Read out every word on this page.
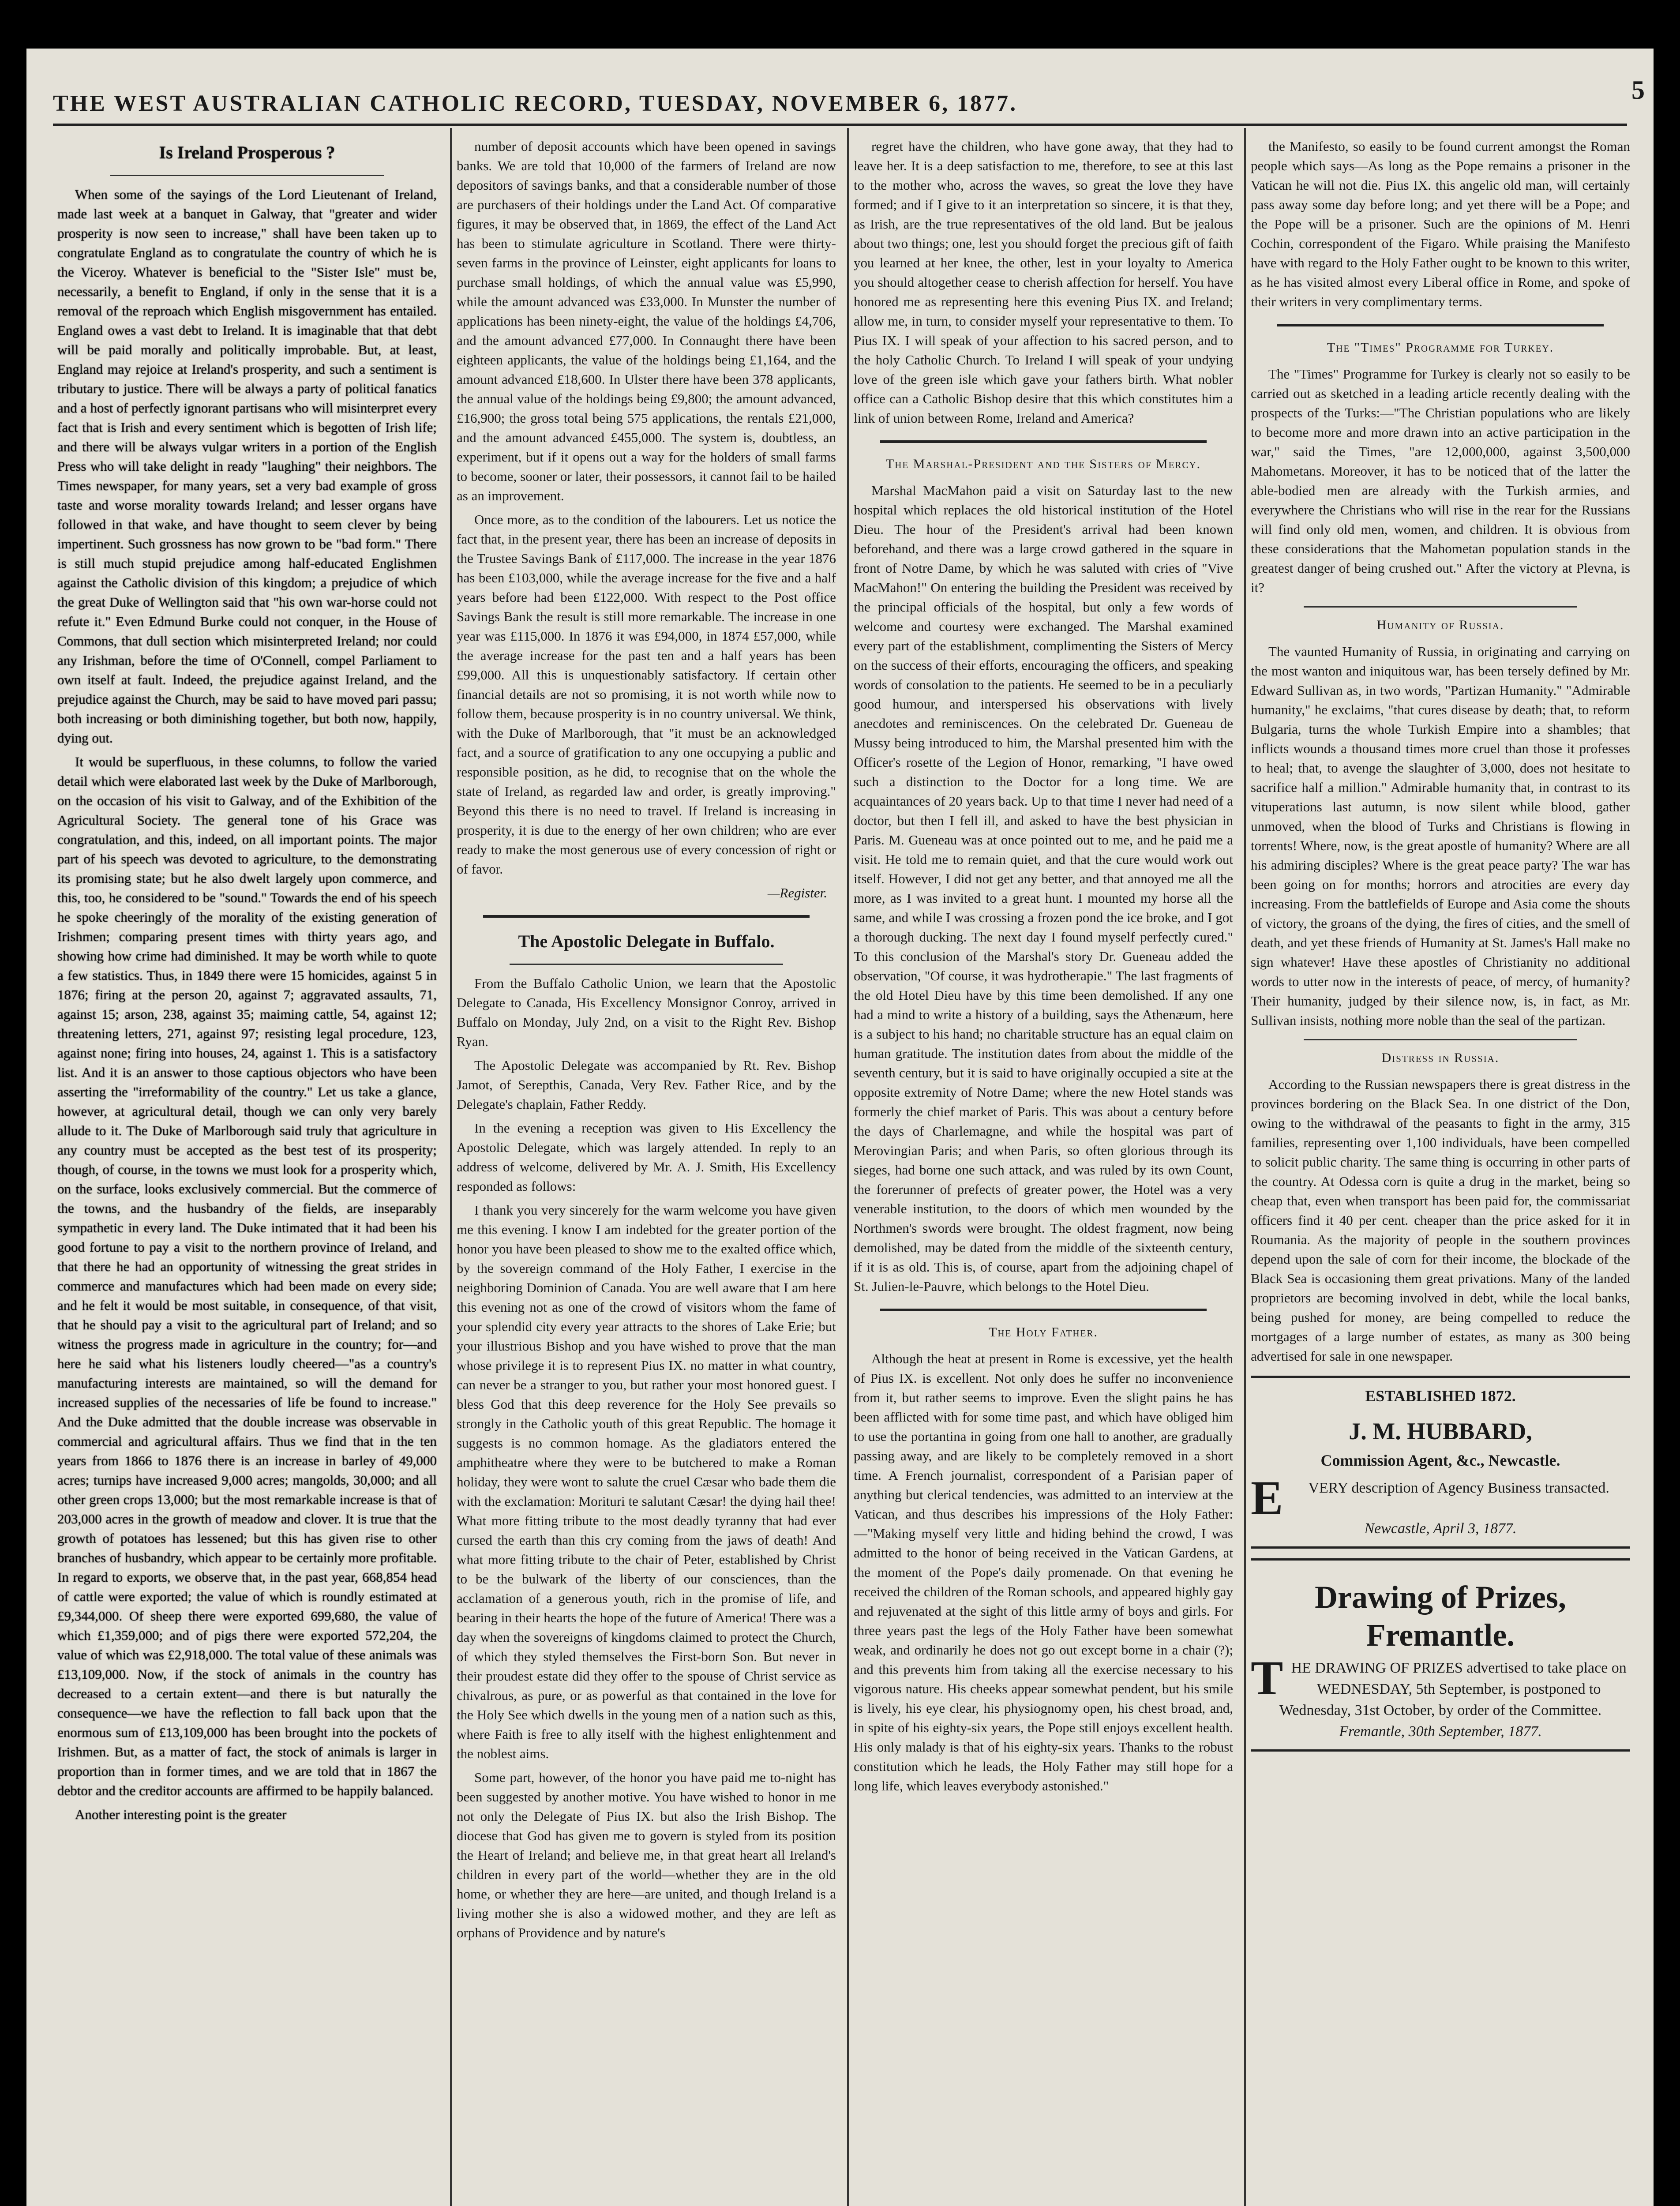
THE WEST AUSTRALIAN CATHOLIC RECORD, TUESDAY, NOVEMBER 6, 1877.	5
Is Ireland Prosperous ?

When some of the sayings of the Lord Lieutenant of Ireland, made last week at a banquet in Galway, that "greater and wider prosperity is now seen to increase," shall have been taken up to congratulate England as to congratulate the country of which he is the Viceroy. Whatever is beneficial to the "Sister Isle" must be, necessarily, a benefit to England, if only in the sense that it is a removal of the reproach which English misgovernment has entailed. England owes a vast debt to Ireland. It is imaginable that that debt will be paid morally and politically improbable. But, at least, England may rejoice at Ireland's prosperity, and such a sentiment is tributary to justice. There will be always a party of political fanatics and a host of perfectly ignorant partisans who will misinterpret every fact that is Irish and every sentiment which is begotten of Irish life; and there will be always vulgar writers in a portion of the English Press who will take delight in ready "laughing" their neighbors. The Times newspaper, for many years, set a very bad example of gross taste and worse morality towards Ireland; and lesser organs have followed in that wake, and have thought to seem clever by being impertinent. Such grossness has now grown to be "bad form." There is still much stupid prejudice among half-educated Englishmen against the Catholic division of this kingdom; a prejudice of which the great Duke of Wellington said that "his own war-horse could not refute it." Even Edmund Burke could not conquer, in the House of Commons, that dull section which misinterpreted Ireland; nor could any Irishman, before the time of O'Connell, compel Parliament to own itself at fault. Indeed, the prejudice against Ireland, and the prejudice against the Church, may be said to have moved pari passu; both increasing or both diminishing together, but both now, happily, dying out.

It would be superfluous, in these columns, to follow the varied detail which were elaborated last week by the Duke of Marlborough, on the occasion of his visit to Galway, and of the Exhibition of the Agricultural Society. The general tone of his Grace was congratulation, and this, indeed, on all important points. The major part of his speech was devoted to agriculture, to the demonstrating its promising state; but he also dwelt largely upon commerce, and this, too, he considered to be "sound." Towards the end of his speech he spoke cheeringly of the morality of the existing generation of Irishmen; comparing present times with thirty years ago, and showing how crime had diminished. It may be worth while to quote a few statistics. Thus, in 1849 there were 15 homicides, against 5 in 1876; firing at the person 20, against 7; aggravated assaults, 71, against 15; arson, 238, against 35; maiming cattle, 54, against 12; threatening letters, 271, against 97; resisting legal procedure, 123, against none; firing into houses, 24, against 1. This is a satisfactory list. And it is an answer to those captious objectors who have been asserting the "irreformability of the country." Let us take a glance, however, at agricultural detail, though we can only very barely allude to it. The Duke of Marlborough said truly that agriculture in any country must be accepted as the best test of its prosperity; though, of course, in the towns we must look for a prosperity which, on the surface, looks exclusively commercial. But the commerce of the towns, and the husbandry of the fields, are inseparably sympathetic in every land. The Duke intimated that it had been his good fortune to pay a visit to the northern province of Ireland, and that there he had an opportunity of witnessing the great strides in commerce and manufactures which had been made on every side; and he felt it would be most suitable, in consequence, of that visit, that he should pay a visit to the agricultural part of Ireland; and so witness the progress made in agriculture in the country; for—and here he said what his listeners loudly cheered—"as a country's manufacturing interests are maintained, so will the demand for increased supplies of the necessaries of life be found to increase." And the Duke admitted that the double increase was observable in commercial and agricultural affairs. Thus we find that in the ten years from 1866 to 1876 there is an increase in barley of 49,000 acres; turnips have increased 9,000 acres; mangolds, 30,000; and all other green crops 13,000; but the most remarkable increase is that of 203,000 acres in the growth of meadow and clover. It is true that the growth of potatoes has lessened; but this has given rise to other branches of husbandry, which appear to be certainly more profitable. In regard to exports, we observe that, in the past year, 668,854 head of cattle were exported; the value of which is roundly estimated at £9,344,000. Of sheep there were exported 699,680, the value of which £1,359,000; and of pigs there were exported 572,204, the value of which was £2,918,000. The total value of these animals was £13,109,000. Now, if the stock of animals in the country has decreased to a certain extent—and there is but naturally the consequence—we have the reflection to fall back upon that the enormous sum of £13,109,000 has been brought into the pockets of Irishmen. But, as a matter of fact, the stock of animals is larger in proportion than in former times, and we are told that in 1867 the debtor and the creditor accounts are affirmed to be happily balanced.

Another interesting point is the greater

number of deposit accounts which have been opened in savings banks. We are told that 10,000 of the farmers of Ireland are now depositors of savings banks, and that a considerable number of those are purchasers of their holdings under the Land Act. Of comparative figures, it may be observed that, in 1869, the effect of the Land Act has been to stimulate agriculture in Scotland. There were thirty-seven farms in the province of Leinster, eight applicants for loans to purchase small holdings, of which the annual value was £5,990, while the amount advanced was £33,000. In Munster the number of applications has been ninety-eight, the value of the holdings £4,706, and the amount advanced £77,000. In Connaught there have been eighteen applicants, the value of the holdings being £1,164, and the amount advanced £18,600. In Ulster there have been 378 applicants, the annual value of the holdings being £9,800; the amount advanced, £16,900; the gross total being 575 applications, the rentals £21,000, and the amount advanced £455,000. The system is, doubtless, an experiment, but if it opens out a way for the holders of small farms to become, sooner or later, their possessors, it cannot fail to be hailed as an improvement.

Once more, as to the condition of the labourers. Let us notice the fact that, in the present year, there has been an increase of deposits in the Trustee Savings Bank of £117,000. The increase in the year 1876 has been £103,000, while the average increase for the five and a half years before had been £122,000. With respect to the Post office Savings Bank the result is still more remarkable. The increase in one year was £115,000. In 1876 it was £94,000, in 1874 £57,000, while the average increase for the past ten and a half years has been £99,000. All this is unquestionably satisfactory. If certain other financial details are not so promising, it is not worth while now to follow them, because prosperity is in no country universal. We think, with the Duke of Marlborough, that "it must be an acknowledged fact, and a source of gratification to any one occupying a public and responsible position, as he did, to recognise that on the whole the state of Ireland, as regarded law and order, is greatly improving." Beyond this there is no need to travel. If Ireland is increasing in prosperity, it is due to the energy of her own children; who are ever ready to make the most generous use of every concession of right or of favor.

—Register.
The Apostolic Delegate in Buffalo.

From the Buffalo Catholic Union, we learn that the Apostolic Delegate to Canada, His Excellency Monsignor Conroy, arrived in Buffalo on Monday, July 2nd, on a visit to the Right Rev. Bishop Ryan.

The Apostolic Delegate was accompanied by Rt. Rev. Bishop Jamot, of Serepthis, Canada, Very Rev. Father Rice, and by the Delegate's chaplain, Father Reddy.

In the evening a reception was given to His Excellency the Apostolic Delegate, which was largely attended. In reply to an address of welcome, delivered by Mr. A. J. Smith, His Excellency responded as follows:

I thank you very sincerely for the warm welcome you have given me this evening. I know I am indebted for the greater portion of the honor you have been pleased to show me to the exalted office which, by the sovereign command of the Holy Father, I exercise in the neighboring Dominion of Canada. You are well aware that I am here this evening not as one of the crowd of visitors whom the fame of your splendid city every year attracts to the shores of Lake Erie; but your illustrious Bishop and you have wished to prove that the man whose privilege it is to represent Pius IX. no matter in what country, can never be a stranger to you, but rather your most honored guest. I bless God that this deep reverence for the Holy See prevails so strongly in the Catholic youth of this great Republic. The homage it suggests is no common homage. As the gladiators entered the amphitheatre where they were to be butchered to make a Roman holiday, they were wont to salute the cruel Cæsar who bade them die with the exclamation: Morituri te salutant Cæsar! the dying hail thee! What more fitting tribute to the most deadly tyranny that had ever cursed the earth than this cry coming from the jaws of death! And what more fitting tribute to the chair of Peter, established by Christ to be the bulwark of the liberty of our consciences, than the acclamation of a generous youth, rich in the promise of life, and bearing in their hearts the hope of the future of America! There was a day when the sovereigns of kingdoms claimed to protect the Church, of which they styled themselves the First-born Son. But never in their proudest estate did they offer to the spouse of Christ service as chivalrous, as pure, or as powerful as that contained in the love for the Holy See which dwells in the young men of a nation such as this, where Faith is free to ally itself with the highest enlightenment and the noblest aims.

Some part, however, of the honor you have paid me to-night has been suggested by another motive. You have wished to honor in me not only the Delegate of Pius IX. but also the Irish Bishop. The diocese that God has given me to govern is styled from its position the Heart of Ireland; and believe me, in that great heart all Ireland's children in every part of the world—whether they are in the old home, or whether they are here—are united, and though Ireland is a living mother she is also a widowed mother, and they are left as orphans of Providence and by nature's

regret have the children, who have gone away, that they had to leave her. It is a deep satisfaction to me, therefore, to see at this last to the mother who, across the waves, so great the love they have formed; and if I give to it an interpretation so sincere, it is that they, as Irish, are the true representatives of the old land. But be jealous about two things; one, lest you should forget the precious gift of faith you learned at her knee, the other, lest in your loyalty to America you should altogether cease to cherish affection for herself. You have honored me as representing here this evening Pius IX. and Ireland; allow me, in turn, to consider myself your representative to them. To Pius IX. I will speak of your affection to his sacred person, and to the holy Catholic Church. To Ireland I will speak of your undying love of the green isle which gave your fathers birth. What nobler office can a Catholic Bishop desire that this which constitutes him a link of union between Rome, Ireland and America?

The Marshal-President and the Sisters of Mercy.

Marshal MacMahon paid a visit on Saturday last to the new hospital which replaces the old historical institution of the Hotel Dieu. The hour of the President's arrival had been known beforehand, and there was a large crowd gathered in the square in front of Notre Dame, by which he was saluted with cries of "Vive MacMahon!" On entering the building the President was received by the principal officials of the hospital, but only a few words of welcome and courtesy were exchanged. The Marshal examined every part of the establishment, complimenting the Sisters of Mercy on the success of their efforts, encouraging the officers, and speaking words of consolation to the patients. He seemed to be in a peculiarly good humour, and interspersed his observations with lively anecdotes and reminiscences. On the celebrated Dr. Gueneau de Mussy being introduced to him, the Marshal presented him with the Officer's rosette of the Legion of Honor, remarking, "I have owed such a distinction to the Doctor for a long time. We are acquaintances of 20 years back. Up to that time I never had need of a doctor, but then I fell ill, and asked to have the best physician in Paris. M. Gueneau was at once pointed out to me, and he paid me a visit. He told me to remain quiet, and that the cure would work out itself. However, I did not get any better, and that annoyed me all the more, as I was invited to a great hunt. I mounted my horse all the same, and while I was crossing a frozen pond the ice broke, and I got a thorough ducking. The next day I found myself perfectly cured." To this conclusion of the Marshal's story Dr. Gueneau added the observation, "Of course, it was hydrotherapie." The last fragments of the old Hotel Dieu have by this time been demolished. If any one had a mind to write a history of a building, says the Athenæum, here is a subject to his hand; no charitable structure has an equal claim on human gratitude. The institution dates from about the middle of the seventh century, but it is said to have originally occupied a site at the opposite extremity of Notre Dame; where the new Hotel stands was formerly the chief market of Paris. This was about a century before the days of Charlemagne, and while the hospital was part of Merovingian Paris; and when Paris, so often glorious through its sieges, had borne one such attack, and was ruled by its own Count, the forerunner of prefects of greater power, the Hotel was a very venerable institution, to the doors of which men wounded by the Northmen's swords were brought. The oldest fragment, now being demolished, may be dated from the middle of the sixteenth century, if it is as old. This is, of course, apart from the adjoining chapel of St. Julien-le-Pauvre, which belongs to the Hotel Dieu.

The Holy Father.

Although the heat at present in Rome is excessive, yet the health of Pius IX. is excellent. Not only does he suffer no inconvenience from it, but rather seems to improve. Even the slight pains he has been afflicted with for some time past, and which have obliged him to use the portantina in going from one hall to another, are gradually passing away, and are likely to be completely removed in a short time. A French journalist, correspondent of a Parisian paper of anything but clerical tendencies, was admitted to an interview at the Vatican, and thus describes his impressions of the Holy Father:—"Making myself very little and hiding behind the crowd, I was admitted to the honor of being received in the Vatican Gardens, at the moment of the Pope's daily promenade. On that evening he received the children of the Roman schools, and appeared highly gay and rejuvenated at the sight of this little army of boys and girls. For three years past the legs of the Holy Father have been somewhat weak, and ordinarily he does not go out except borne in a chair (?); and this prevents him from taking all the exercise necessary to his vigorous nature. His cheeks appear somewhat pendent, but his smile is lively, his eye clear, his physiognomy open, his chest broad, and, in spite of his eighty-six years, the Pope still enjoys excellent health. His only malady is that of his eighty-six years. Thanks to the robust constitution which he leads, the Holy Father may still hope for a long life, which leaves everybody astonished."

the Manifesto, so easily to be found current amongst the Roman people which says—As long as the Pope remains a prisoner in the Vatican he will not die. Pius IX. this angelic old man, will certainly pass away some day before long; and yet there will be a Pope; and the Pope will be a prisoner. Such are the opinions of M. Henri Cochin, correspondent of the Figaro. While praising the Manifesto have with regard to the Holy Father ought to be known to this writer, as he has visited almost every Liberal office in Rome, and spoke of their writers in very complimentary terms.

The "Times" Programme for Turkey.

The "Times" Programme for Turkey is clearly not so easily to be carried out as sketched in a leading article recently dealing with the prospects of the Turks:—"The Christian populations who are likely to become more and more drawn into an active participation in the war," said the Times, "are 12,000,000, against 3,500,000 Mahometans. Moreover, it has to be noticed that of the latter the able-bodied men are already with the Turkish armies, and everywhere the Christians who will rise in the rear for the Russians will find only old men, women, and children. It is obvious from these considerations that the Mahometan population stands in the greatest danger of being crushed out." After the victory at Plevna, is it?

Humanity of Russia.

The vaunted Humanity of Russia, in originating and carrying on the most wanton and iniquitous war, has been tersely defined by Mr. Edward Sullivan as, in two words, "Partizan Humanity." "Admirable humanity," he exclaims, "that cures disease by death; that, to reform Bulgaria, turns the whole Turkish Empire into a shambles; that inflicts wounds a thousand times more cruel than those it professes to heal; that, to avenge the slaughter of 3,000, does not hesitate to sacrifice half a million." Admirable humanity that, in contrast to its vituperations last autumn, is now silent while blood, gather unmoved, when the blood of Turks and Christians is flowing in torrents! Where, now, is the great apostle of humanity? Where are all his admiring disciples? Where is the great peace party? The war has been going on for months; horrors and atrocities are every day increasing. From the battlefields of Europe and Asia come the shouts of victory, the groans of the dying, the fires of cities, and the smell of death, and yet these friends of Humanity at St. James's Hall make no sign whatever! Have these apostles of Christianity no additional words to utter now in the interests of peace, of mercy, of humanity? Their humanity, judged by their silence now, is, in fact, as Mr. Sullivan insists, nothing more noble than the seal of the partizan.

Distress in Russia.

According to the Russian newspapers there is great distress in the provinces bordering on the Black Sea. In one district of the Don, owing to the withdrawal of the peasants to fight in the army, 315 families, representing over 1,100 individuals, have been compelled to solicit public charity. The same thing is occurring in other parts of the country. At Odessa corn is quite a drug in the market, being so cheap that, even when transport has been paid for, the commissariat officers find it 40 per cent. cheaper than the price asked for it in Roumania. As the majority of people in the southern provinces depend upon the sale of corn for their income, the blockade of the Black Sea is occasioning them great privations. Many of the landed proprietors are becoming involved in debt, while the local banks, being pushed for money, are being compelled to reduce the mortgages of a large number of estates, as many as 300 being advertised for sale in one newspaper.

ESTABLISHED 1872.
J. M. HUBBARD,
Commission Agent, &c., Newcastle.
E VERY description of Agency Business transacted.
Newcastle, April 3, 1877.
Drawing of Prizes, Fremantle.
T HE DRAWING OF PRIZES advertised to take place on WEDNESDAY, 5th September, is postponed to Wednesday, 31st October, by order of the Committee.
Fremantle, 30th September, 1877.
